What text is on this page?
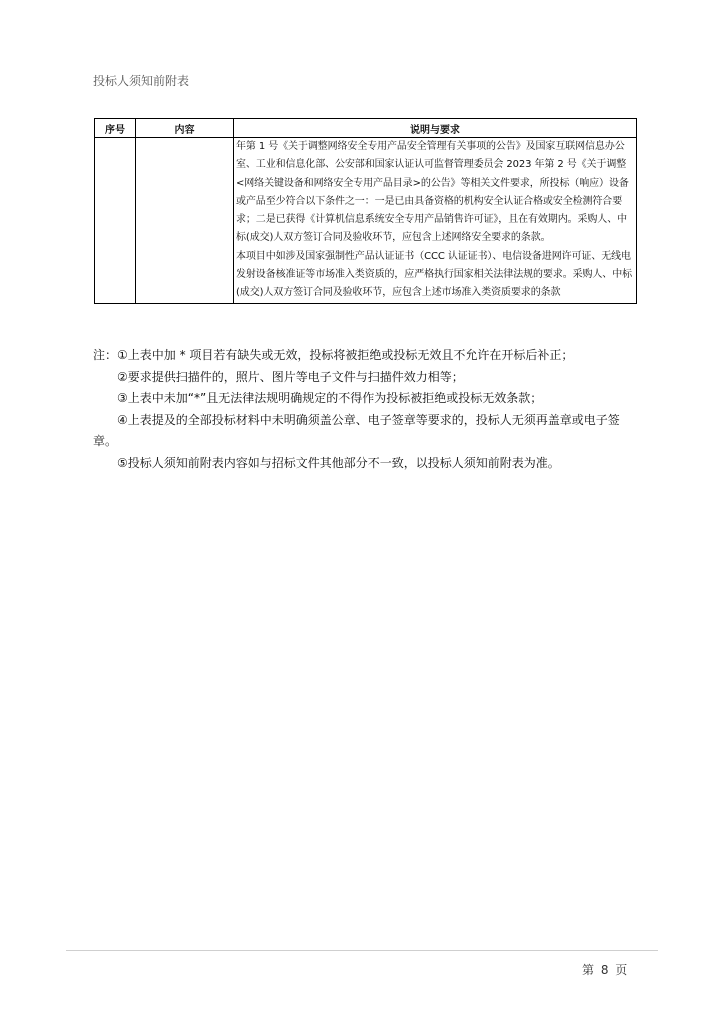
投标人须知前附表
序号	内容	说明与要求

		年第 1 号《关于调整网络安全专用产品安全管理有关事项的公告》及国家互联网信息办公室、工业和信息化部、公安部和国家认证认可监督管理委员会 2023 年第 2 号《关于调整<网络关键设备和网络安全专用产品目录>的公告》等相关文件要求，所投标（响应）设备或产品至少符合以下条件之一：一是已由具备资格的机构安全认证合格或安全检测符合要求；二是已获得《计算机信息系统安全专用产品销售许可证》，且在有效期内。采购人、中标(成交)人双方签订合同及验收环节，应包含上述网络安全要求的条款。

本项目中如涉及国家强制性产品认证证书（CCC 认证证书）、电信设备进网许可证、无线电发射设备核准证等市场准入类资质的，应严格执行国家相关法律法规的要求。采购人、中标(成交)人双方签订合同及验收环节，应包含上述市场准入类资质要求的条款

注：①上表中加 * 项目若有缺失或无效，投标将被拒绝或投标无效且不允许在开标后补正；

②要求提供扫描件的，照片、图片等电子文件与扫描件效力相等；

③上表中未加“*”且无法律法规明确规定的不得作为投标被拒绝或投标无效条款；

④上表提及的全部投标材料中未明确须盖公章、电子签章等要求的，投标人无须再盖章或电子签章。

⑤投标人须知前附表内容如与招标文件其他部分不一致，以投标人须知前附表为准。

第 8 页
